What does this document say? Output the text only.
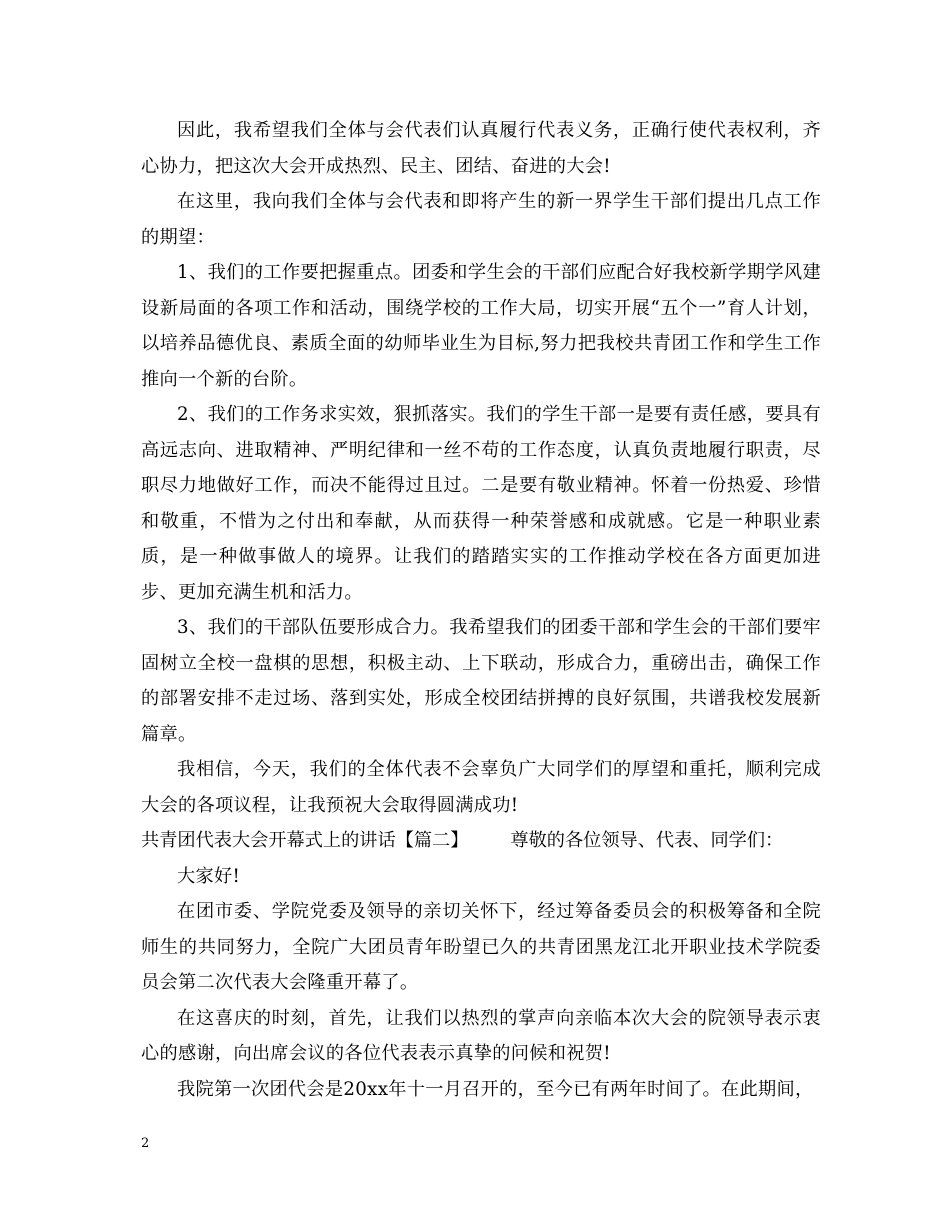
因此，我希望我们全体与会代表们认真履行代表义务，正确行使代表权利，齐心协力，把这次大会开成热烈、民主、团结、奋进的大会!

在这里，我向我们全体与会代表和即将产生的新一界学生干部们提出几点工作的期望：

1、我们的工作要把握重点。团委和学生会的干部们应配合好我校新学期学风建设新局面的各项工作和活动，围绕学校的工作大局，切实开展“五个一”育人计划，以培养品德优良、素质全面的幼师毕业生为目标,努力把我校共青团工作和学生工作推向一个新的台阶。

2、我们的工作务求实效，狠抓落实。我们的学生干部一是要有责任感，要具有高远志向、进取精神、严明纪律和一丝不苟的工作态度，认真负责地履行职责，尽职尽力地做好工作，而决不能得过且过。二是要有敬业精神。怀着一份热爱、珍惜和敬重，不惜为之付出和奉献，从而获得一种荣誉感和成就感。它是一种职业素质，是一种做事做人的境界。让我们的踏踏实实的工作推动学校在各方面更加进步、更加充满生机和活力。

3、我们的干部队伍要形成合力。我希望我们的团委干部和学生会的干部们要牢固树立全校一盘棋的思想，积极主动、上下联动，形成合力，重磅出击，确保工作的部署安排不走过场、落到实处，形成全校团结拼搏的良好氛围，共谱我校发展新篇章。

我相信，今天，我们的全体代表不会辜负广大同学们的厚望和重托，顺利完成大会的各项议程，让我预祝大会取得圆满成功!

共青团代表大会开幕式上的讲话【篇二】 尊敬的各位领导、代表、同学们：

大家好!

在团市委、学院党委及领导的亲切关怀下，经过筹备委员会的积极筹备和全院师生的共同努力，全院广大团员青年盼望已久的共青团黑龙江北开职业技术学院委员会第二次代表大会隆重开幕了。

在这喜庆的时刻，首先，让我们以热烈的掌声向亲临本次大会的院领导表示衷心的感谢，向出席会议的各位代表表示真挚的问候和祝贺!

我院第一次团代会是20xx年十一月召开的，至今已有两年时间了。在此期间，

2
